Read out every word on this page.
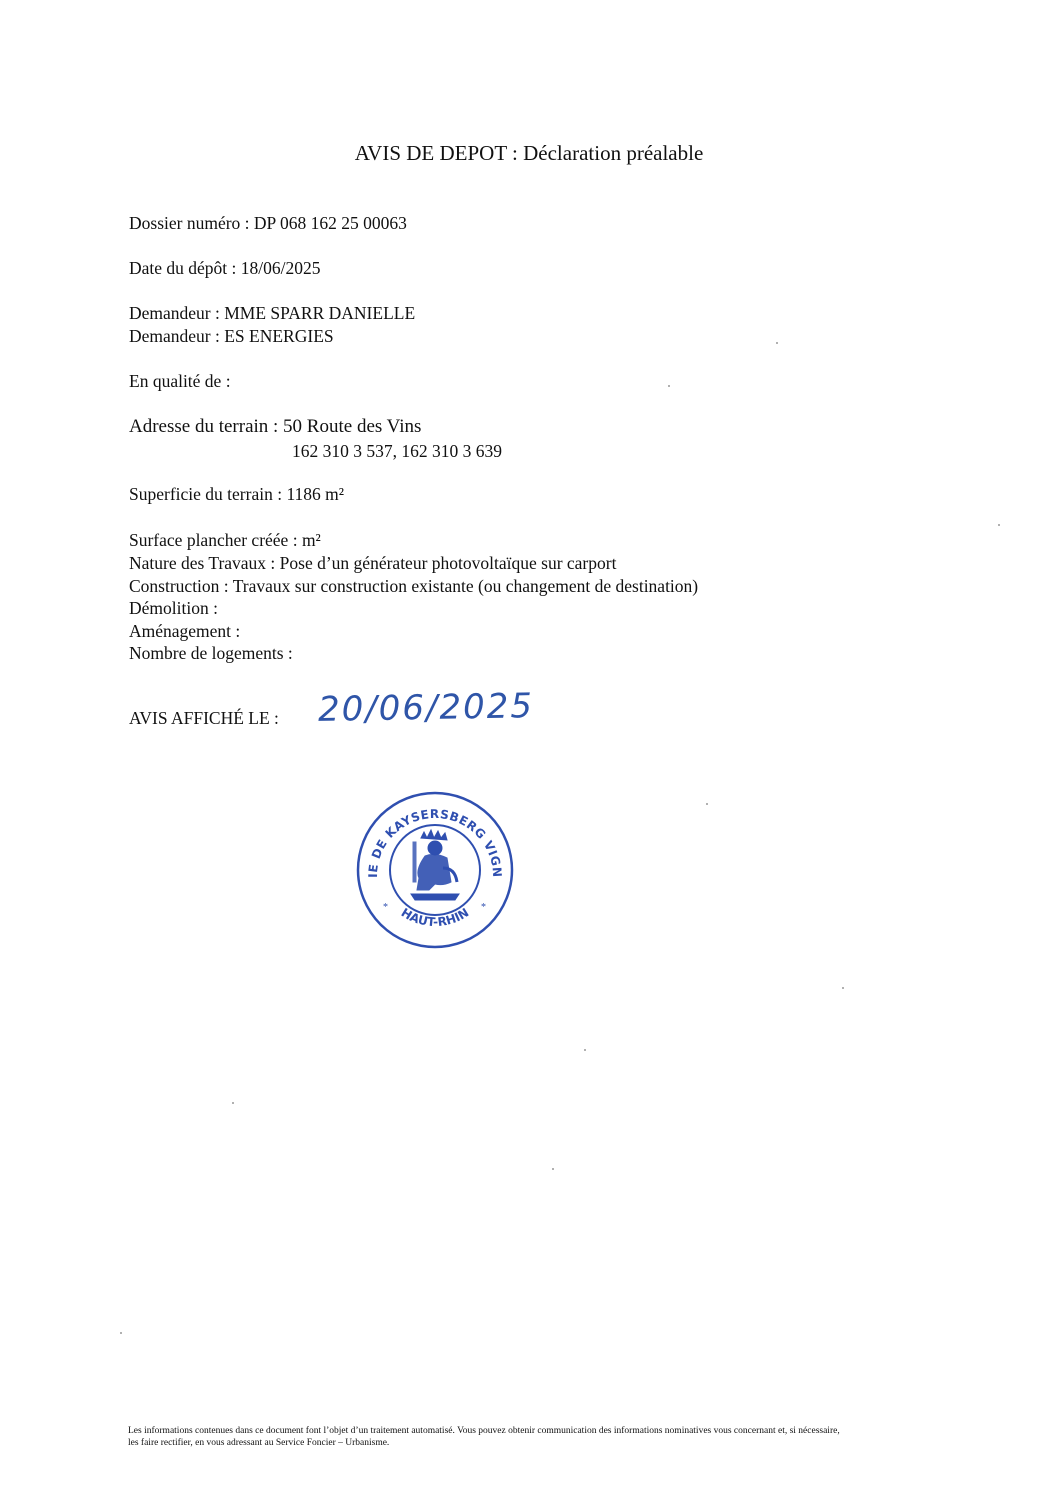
AVIS DE DEPOT : Déclaration préalable
Dossier numéro : DP 068 162 25 00063
Date du dépôt : 18/06/2025
Demandeur : MME SPARR DANIELLE
Demandeur : ES ENERGIES
En qualité de :
Adresse du terrain : 50 Route des Vins
162 310 3 537, 162 310 3 639
Superficie du terrain : 1186 m²
Surface plancher créée : m²
Nature des Travaux : Pose d’un générateur photovoltaïque sur carport
Construction : Travaux sur construction existante (ou changement de destination)
Démolition :
Aménagement :
Nombre de logements :
AVIS AFFICHÉ LE : 20/06/2025
IE DE KAYSERSBERG VIGN
HAUT-RHIN
*	*
Les informations contenues dans ce document font l’objet d’un traitement automatisé. Vous pouvez obtenir communication des informations nominatives vous concernant et, si nécessaire,
les faire rectifier, en vous adressant au Service Foncier – Urbanisme.
